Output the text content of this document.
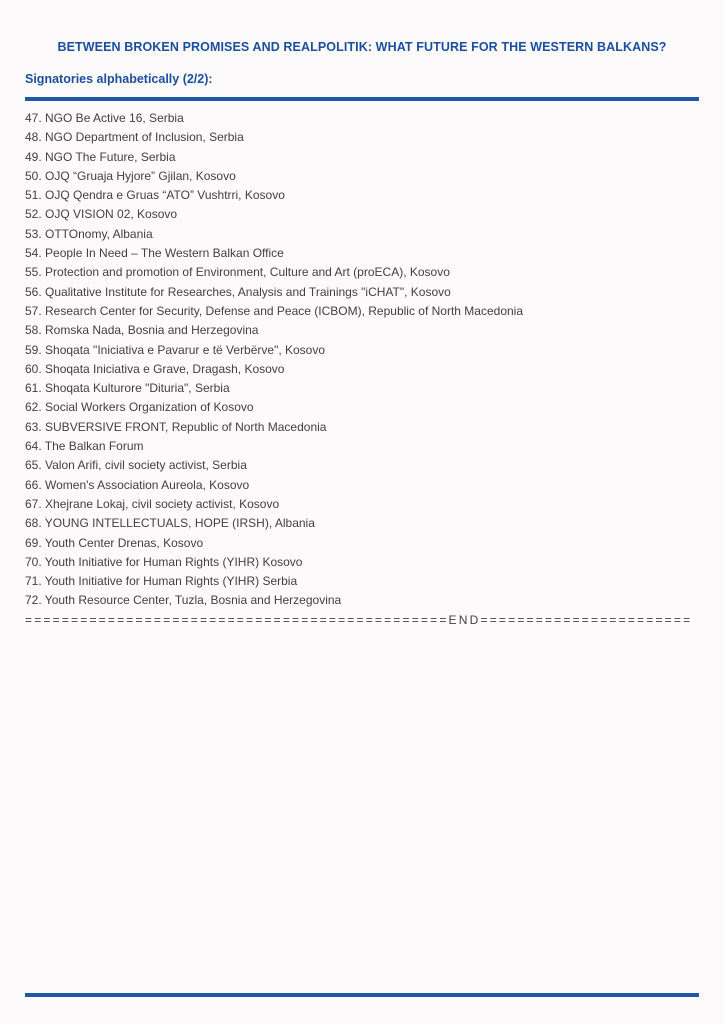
BETWEEN BROKEN PROMISES AND REALPOLITIK: WHAT FUTURE FOR THE WESTERN BALKANS?
Signatories alphabetically (2/2):
47. NGO Be Active 16, Serbia
48. NGO Department of Inclusion, Serbia
49. NGO The Future, Serbia
50. OJQ “Gruaja Hyjore” Gjilan, Kosovo
51. OJQ Qendra e Gruas “ATO” Vushtrri, Kosovo
52. OJQ VISION 02, Kosovo
53. OTTOnomy, Albania
54. People In Need – The Western Balkan Office
55. Protection and promotion of Environment, Culture and Art (proECA), Kosovo
56. Qualitative Institute for Researches, Analysis and Trainings "iCHAT", Kosovo
57. Research Center for Security, Defense and Peace (ICBOM), Republic of North Macedonia
58. Romska Nada, Bosnia and Herzegovina
59. Shoqata "Iniciativa e Pavarur e të Verbërve", Kosovo
60. Shoqata Iniciativa e Grave, Dragash, Kosovo
61. Shoqata Kulturore "Dituria", Serbia
62. Social Workers Organization of Kosovo
63. SUBVERSIVE FRONT, Republic of North Macedonia
64. The Balkan Forum
65. Valon Arifi, civil society activist, Serbia
66. Women's Association Aureola, Kosovo
67. Xhejrane Lokaj, civil society activist, Kosovo
68. YOUNG INTELLECTUALS, HOPE (IRSH), Albania
69. Youth Center Drenas, Kosovo
70. Youth Initiative for Human Rights (YIHR) Kosovo
71. Youth Initiative for Human Rights (YIHR) Serbia
72. Youth Resource Center, Tuzla, Bosnia and Herzegovina
==============================================END=======================
7
